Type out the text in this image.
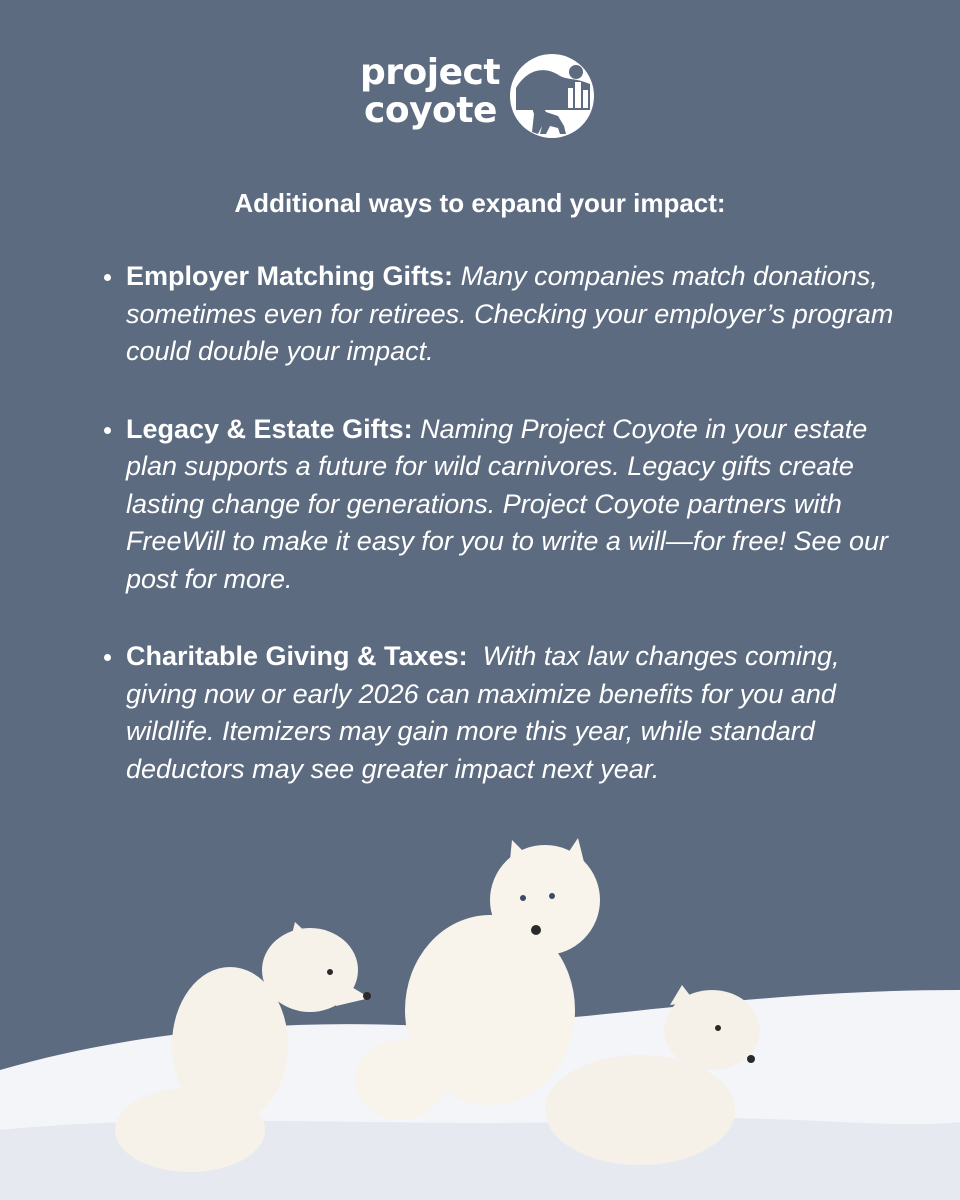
project
coyote
Additional ways to expand your impact:
Employer Matching Gifts: Many companies match donations, sometimes even for retirees. Checking your employer’s program could double your impact.
Legacy & Estate Gifts: Naming Project Coyote in your estate plan supports a future for wild carnivores. Legacy gifts create lasting change for generations. Project Coyote partners with FreeWill to make it easy for you to write a will—for free! See our post for more.
Charitable Giving & Taxes: With tax law changes coming, giving now or early 2026 can maximize benefits for you and wildlife. Itemizers may gain more this year, while standard deductors may see greater impact next year.
